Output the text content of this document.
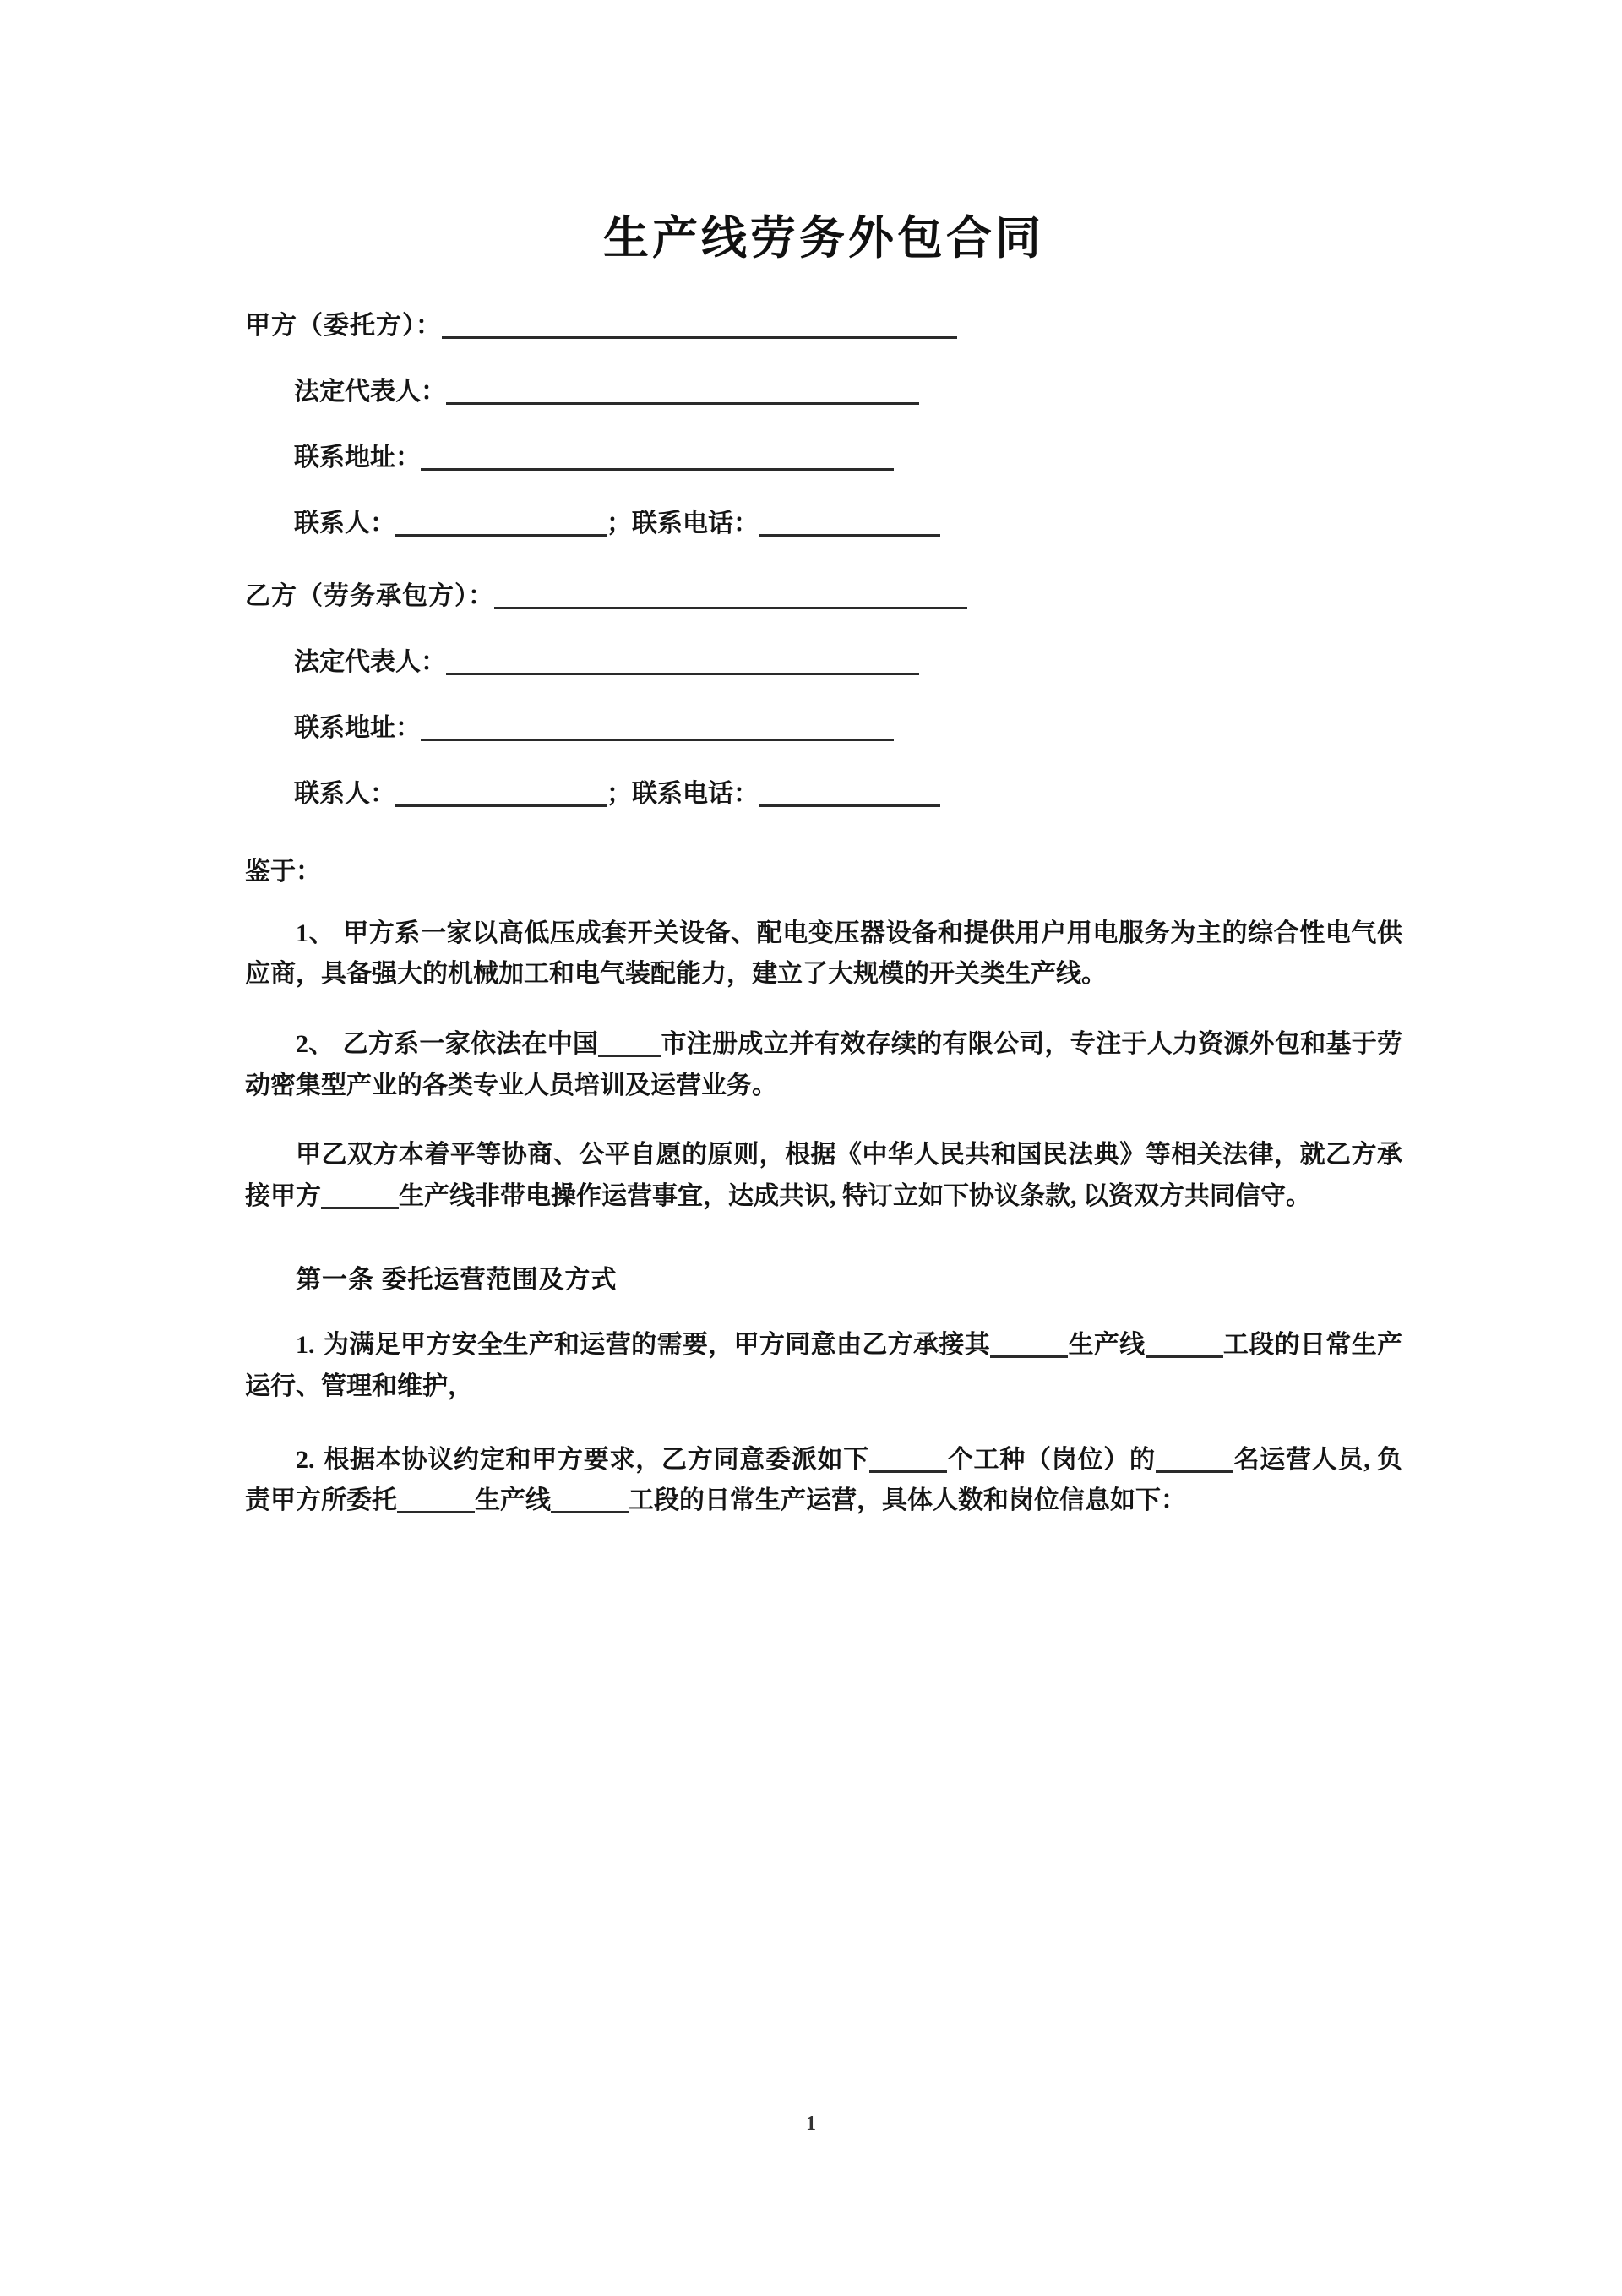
生产线劳务外包合同
甲方（委托方）：
法定代表人：
联系地址：
联系人：	；联系电话：
乙方（劳务承包方）：
法定代表人：
联系地址：
联系人：	；联系电话：
鉴于：

1、 甲方系一家以高低压成套开关设备、配电变压器设备和提供用户用电服务为主的综合性电气供应商，具备强大的机械加工和电气装配能力，建立了大规模的开关类生产线。

2、 乙方系一家依法在中国 市注册成立并有效存续的有限公司，专注于人力资源外包和基于劳动密集型产业的各类专业人员培训及运营业务。

甲乙双方本着平等协商、公平自愿的原则，根据《中华人民共和国民法典》等相关法律，就乙方承接甲方	生产线非带电操作运营事宜，达成共识, 特订立如下协议条款, 以资双方共同信守。

第一条 委托运营范围及方式

1. 为满足甲方安全生产和运营的需要，甲方同意由乙方承接其	生产线	工段的日常生产运行、管理和维护，

2. 根据本协议约定和甲方要求，乙方同意委派如下	个工种（岗位）的	名运营人员, 负责甲方所委托	生产线	工段的日常生产运营，具体人数和岗位信息如下：

1
